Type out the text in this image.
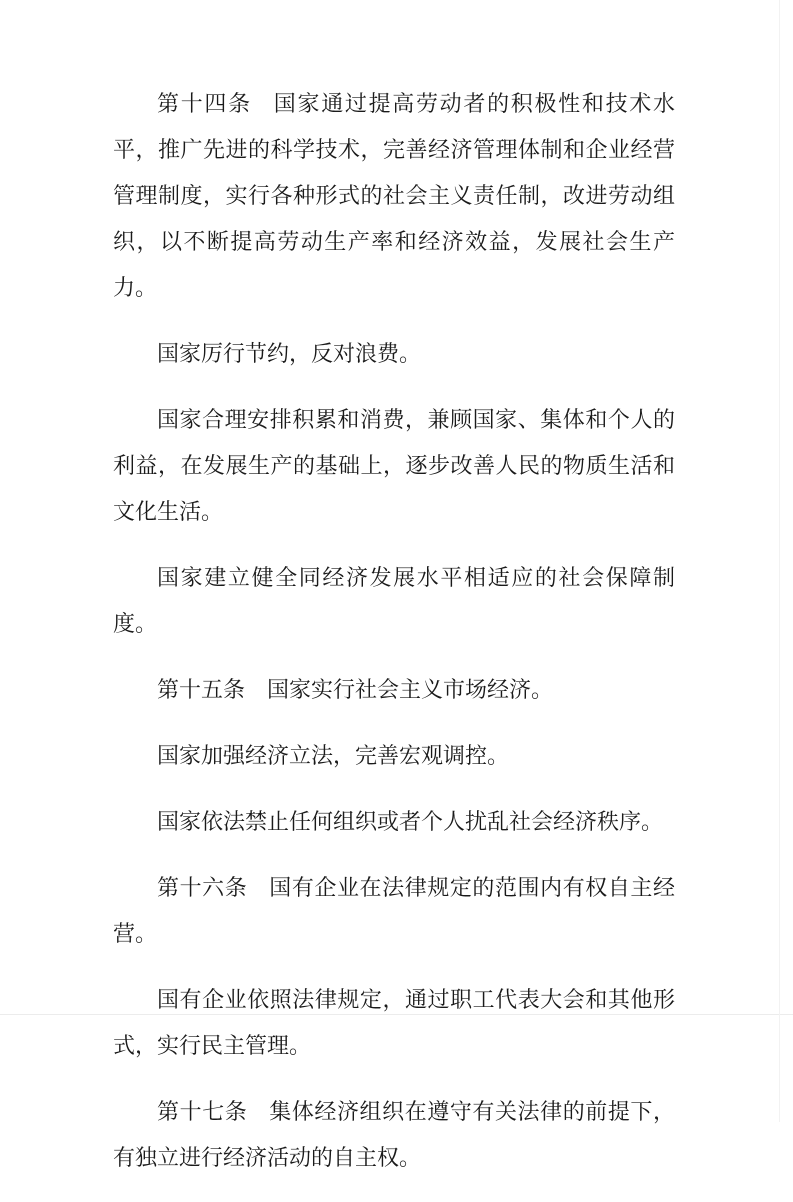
第十四条 国家通过提高劳动者的积极性和技术水平，推广先进的科学技术，完善经济管理体制和企业经营管理制度，实行各种形式的社会主义责任制，改进劳动组织，以不断提高劳动生产率和经济效益，发展社会生产力。

国家厉行节约，反对浪费。

国家合理安排积累和消费，兼顾国家、集体和个人的利益，在发展生产的基础上，逐步改善人民的物质生活和文化生活。

国家建立健全同经济发展水平相适应的社会保障制度。

第十五条 国家实行社会主义市场经济。

国家加强经济立法，完善宏观调控。

国家依法禁止任何组织或者个人扰乱社会经济秩序。

第十六条 国有企业在法律规定的范围内有权自主经营。

国有企业依照法律规定，通过职工代表大会和其他形式，实行民主管理。

第十七条 集体经济组织在遵守有关法律的前提下，有独立进行经济活动的自主权。
